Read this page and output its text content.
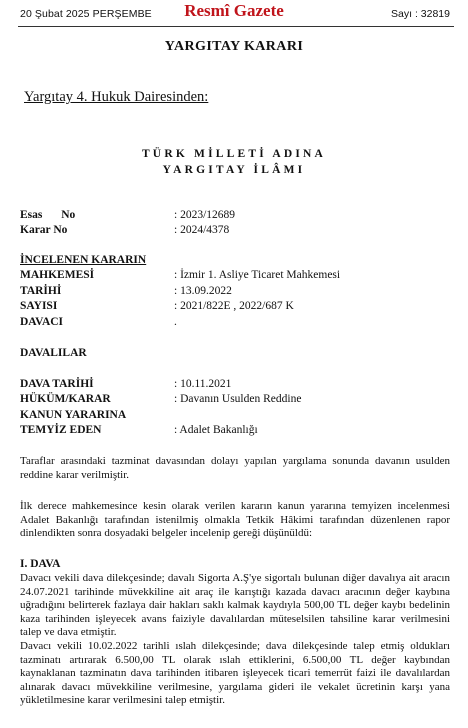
20 Şubat 2025 PERŞEMBE	Resmî Gazete	Sayı : 32819
YARGITAY KARARI
Yargıtay 4. Hukuk Dairesinden:
TÜRK MİLLETİ ADINA
YARGITAY İLÂMI
Esas No	: 2023/12689
Karar No	: 2024/4378
İNCELENEN KARARIN
MAHKEMESİ	: İzmir 1. Asliye Ticaret Mahkemesi
TARİHİ	: 13.09.2022
SAYISI	: 2021/822E , 2022/687 K
DAVACI	.
DAVALILAR
DAVA TARİHİ	: 10.11.2021
HÜKÜM/KARAR	: Davanın Usulden Reddine
KANUN YARARINA
TEMYİZ EDEN	: Adalet Bakanlığı
Taraflar arasındaki tazminat davasından dolayı yapılan yargılama sonunda davanın usulden reddine karar verilmiştir.
İlk derece mahkemesince kesin olarak verilen kararın kanun yararına temyizen incelenmesi Adalet Bakanlığı tarafından istenilmiş olmakla Tetkik Hâkimi tarafından düzenlenen rapor dinlendikten sonra dosyadaki belgeler incelenip gereği düşünüldü:
I. DAVA
Davacı vekili dava dilekçesinde; davalı Sigorta A.Ş'ye sigortalı bulunan diğer davalıya ait aracın 24.07.2021 tarihinde müvekkiline ait araç ile karıştığı kazada davacı aracının değer kaybına uğradığını belirterek fazlaya dair hakları saklı kalmak kaydıyla 500,00 TL değer kaybı bedelinin kaza tarihinden işleyecek avans faiziyle davalılardan müteselsilen tahsiline karar verilmesini talep ve dava etmiştir.
Davacı vekili 10.02.2022 tarihli ıslah dilekçesinde; dava dilekçesinde talep etmiş oldukları tazminatı artırarak 6.500,00 TL olarak ıslah ettiklerini, 6.500,00 TL değer kaybından kaynaklanan tazminatın dava tarihinden itibaren işleyecek ticari temerrüt faizi ile davalılardan alınarak davacı müvekkiline verilmesine, yargılama gideri ile vekalet ücretinin karşı yana yükletilmesine karar verilmesini talep etmiştir.
